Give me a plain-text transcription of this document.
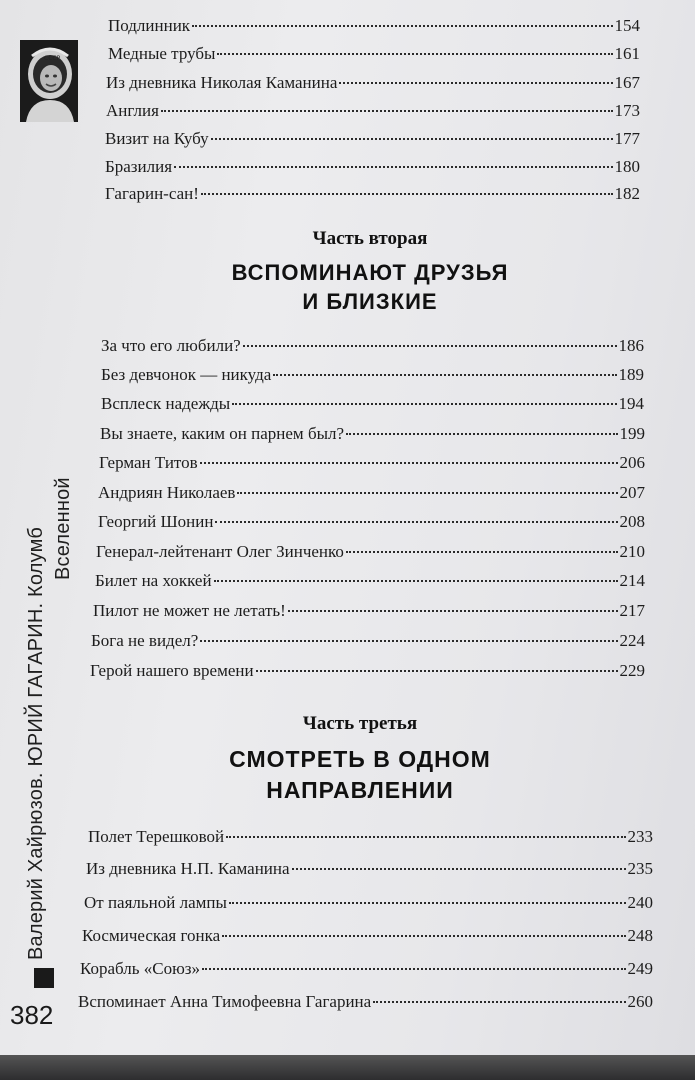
СССР
Валерий Хайрюзов. ЮРИЙ ГАГАРИН. Колумб Вселенной
382
Подлинник	154
Медные трубы	161
Из дневника Николая Каманина	167
Англия	173
Визит на Кубу	177
Бразилия	180
Гагарин-сан!	182
Часть вторая
ВСПОМИНАЮТ ДРУЗЬЯ
И БЛИЗКИЕ
За что его любили?	186
Без девчонок — никуда	189
Всплеск надежды	194
Вы знаете, каким он парнем был?	199
Герман Титов	206
Андриян Николаев	207
Георгий Шонин	208
Генерал-лейтенант Олег Зинченко	210
Билет на хоккей	214
Пилот не может не летать!	217
Бога не видел?	224
Герой нашего времени	229
Часть третья
СМОТРЕТЬ В ОДНОМ
НАПРАВЛЕНИИ
Полет Терешковой	233
Из дневника Н.П. Каманина	235
От паяльной лампы	240
Космическая гонка	248
Корабль «Союз»	249
Вспоминает Анна Тимофеевна Гагарина	260
